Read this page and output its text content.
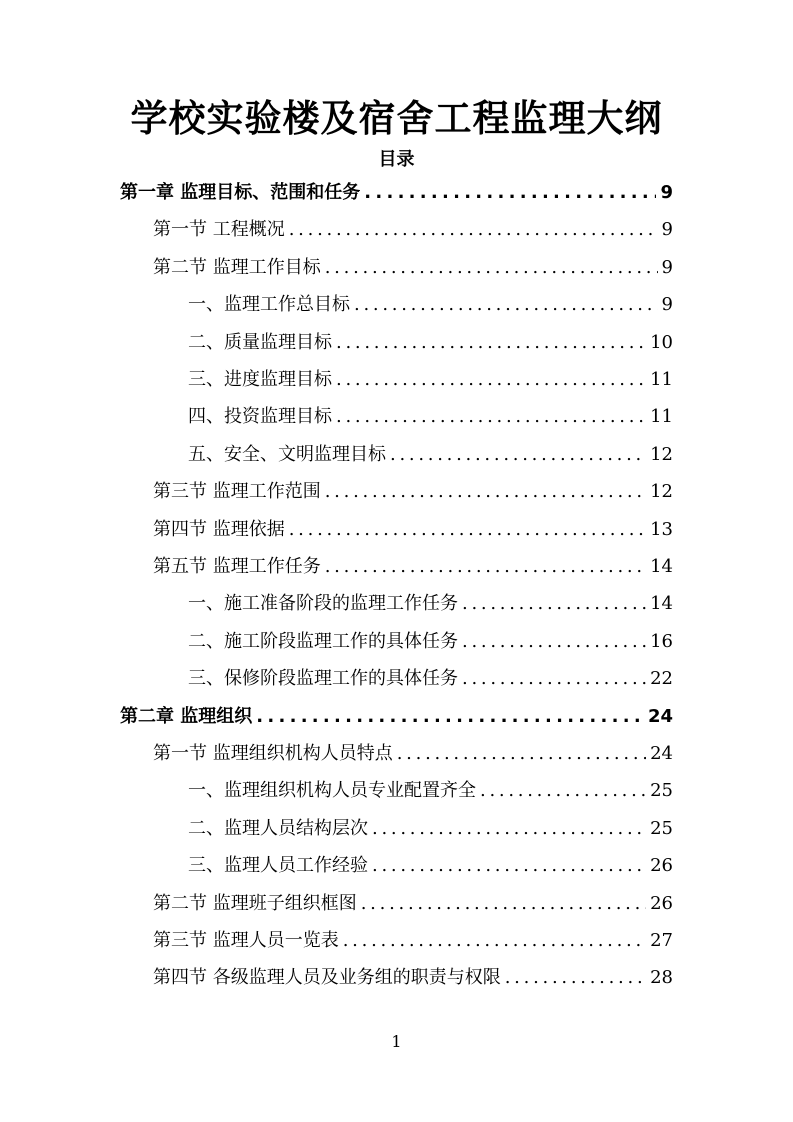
学校实验楼及宿舍工程监理大纲
目录
第一章 监理目标、范围和任务 . . .	9
第一节 工程概况 . . .	9
第二节 监理工作目标 . . .	9
一、监理工作总目标 . . .	9
二、质量监理目标 . . .	10
三、进度监理目标 . . .	11
四、投资监理目标 . . .	11
五、安全、文明监理目标 . . .	12
第三节 监理工作范围 . . .	12
第四节 监理依据 . . .	13
第五节 监理工作任务 . . .	14
一、施工准备阶段的监理工作任务 . . .	14
二、施工阶段监理工作的具体任务 . . .	16
三、保修阶段监理工作的具体任务 . . .	22
第二章 监理组织 . . .	24
第一节 监理组织机构人员特点 . . .	24
一、监理组织机构人员专业配置齐全 . . .	25
二、监理人员结构层次 . . .	25
三、监理人员工作经验 . . .	26
第二节 监理班子组织框图 . . .	26
第三节 监理人员一览表 . . .	27
第四节 各级监理人员及业务组的职责与权限 . . .	28
1
